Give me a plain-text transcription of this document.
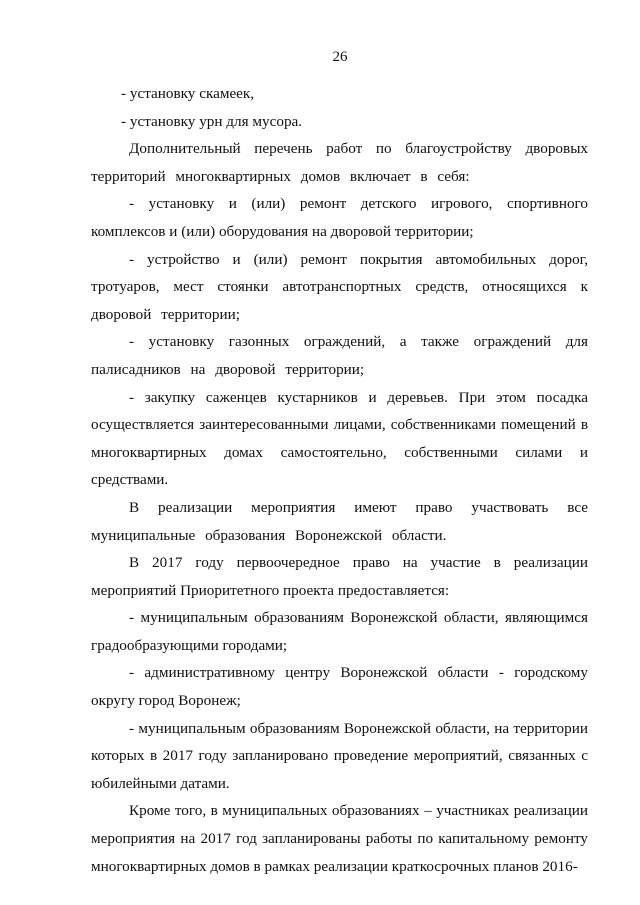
26

- установку скамеек,

- установку урн для мусора.

Дополнительный перечень работ по благоустройству дворовых территорий многоквартирных домов включает в себя:

- установку и (или) ремонт детского игрового, спортивного комплексов и (или) оборудования на дворовой территории;

- устройство и (или) ремонт покрытия автомобильных дорог, тротуаров, мест стоянки автотранспортных средств, относящихся к дворовой территории;

- установку газонных ограждений, а также ограждений для палисадников на дворовой территории;

- закупку саженцев кустарников и деревьев. При этом посадка осуществляется заинтересованными лицами, собственниками помещений в многоквартирных домах самостоятельно, собственными силами и средствами.

В реализации мероприятия имеют право участвовать все муниципальные образования Воронежской области.

В 2017 году первоочередное право на участие в реализации мероприятий Приоритетного проекта предоставляется:

- муниципальным образованиям Воронежской области, являющимся градообразующими городами;

- административному центру Воронежской области - городскому округу город Воронеж;

- муниципальным образованиям Воронежской области, на территории которых в 2017 году запланировано проведение мероприятий, связанных с юбилейными датами.

Кроме того, в муниципальных образованиях – участниках реализации мероприятия на 2017 год запланированы работы по капитальному ремонту многоквартирных домов в рамках реализации краткосрочных планов 2016-
